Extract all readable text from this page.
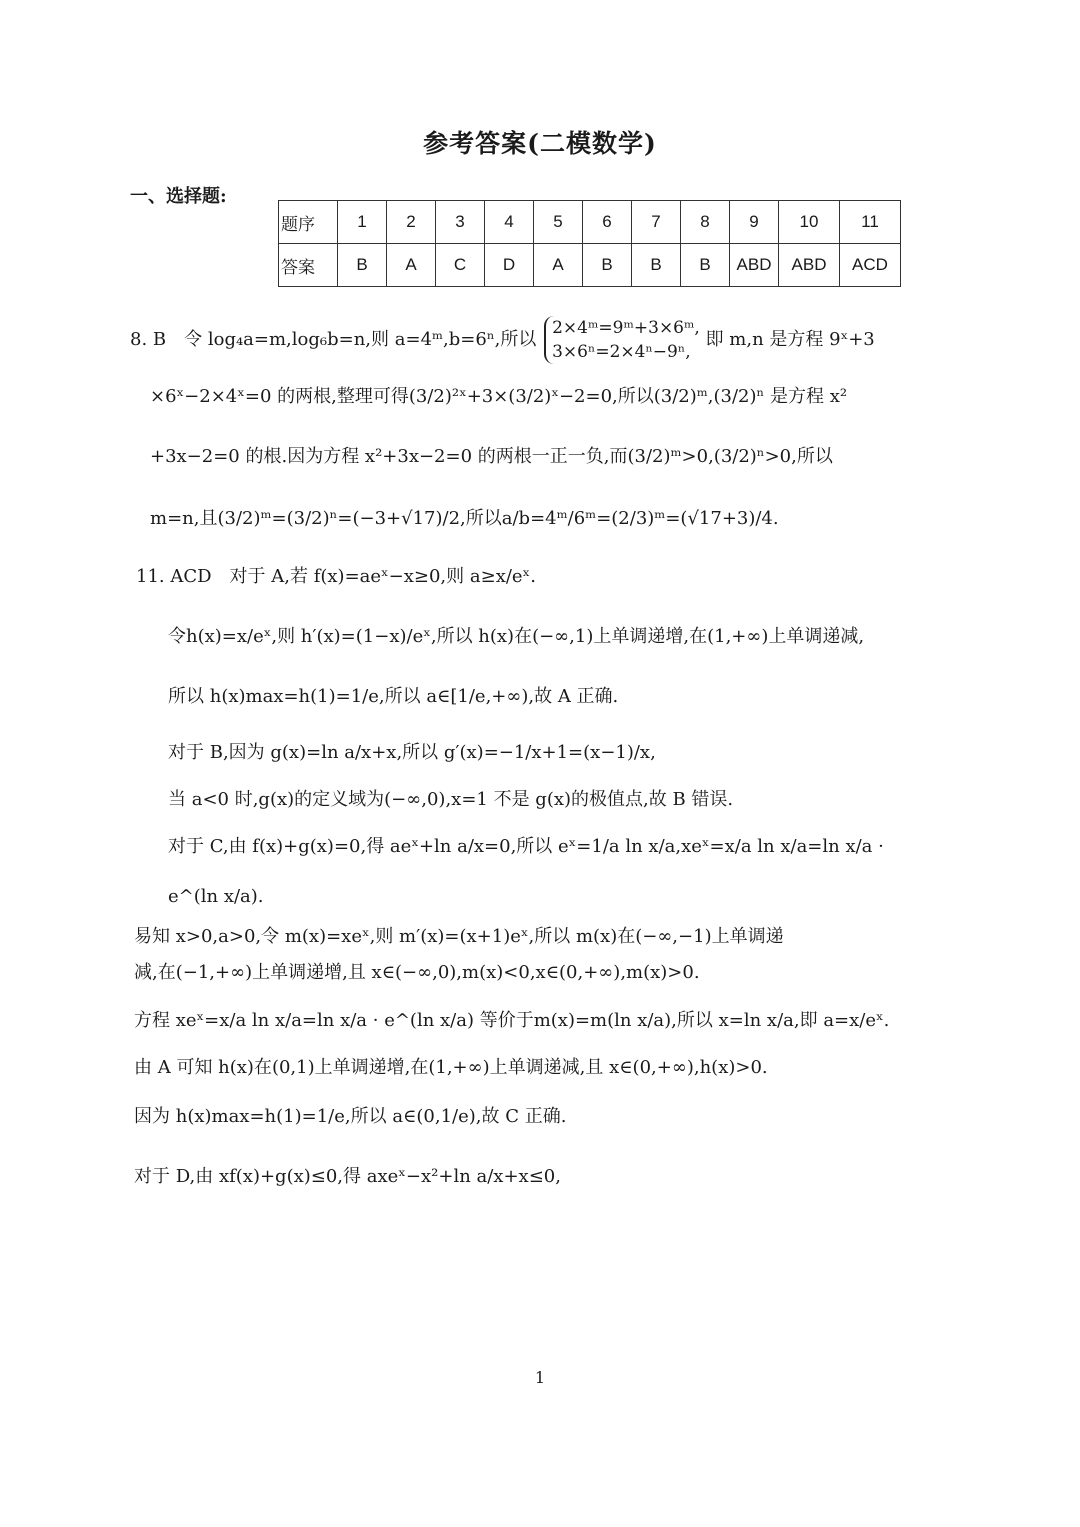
参考答案(二模数学)
一、选择题:
题序	1	2	3	4	5	6	7	8	9	10	11
答案	B	A	C	D	A	B	B	B	ABD	ABD	ACD
8. B　令 log₄a=m,log₆b=n,则 a=4ᵐ,b=6ⁿ,所以
2×4ᵐ=9ᵐ+3×6ᵐ,
3×6ⁿ=2×4ⁿ−9ⁿ,
即 m,n 是方程 9ˣ+3
×6ˣ−2×4ˣ=0 的两根,整理可得(3/2)²ˣ+3×(3/2)ˣ−2=0,所以(3/2)ᵐ,(3/2)ⁿ 是方程 x²
+3x−2=0 的根.因为方程 x²+3x−2=0 的两根一正一负,而(3/2)ᵐ>0,(3/2)ⁿ>0,所以
m=n,且(3/2)ᵐ=(3/2)ⁿ=(−3+√17)/2,所以a/b=4ᵐ/6ᵐ=(2/3)ᵐ=(√17+3)/4.
11. ACD　对于 A,若 f(x)=aeˣ−x≥0,则 a≥x/eˣ.
令h(x)=x/eˣ,则 h′(x)=(1−x)/eˣ,所以 h(x)在(−∞,1)上单调递增,在(1,+∞)上单调递减,
所以 h(x)max=h(1)=1/e,所以 a∈[1/e,+∞),故 A 正确.
对于 B,因为 g(x)=ln a/x+x,所以 g′(x)=−1/x+1=(x−1)/x,
当 a<0 时,g(x)的定义域为(−∞,0),x=1 不是 g(x)的极值点,故 B 错误.
对于 C,由 f(x)+g(x)=0,得 aeˣ+ln a/x=0,所以 eˣ=1/a ln x/a,xeˣ=x/a ln x/a=ln x/a ·
e^(ln x/a).
易知 x>0,a>0,令 m(x)=xeˣ,则 m′(x)=(x+1)eˣ,所以 m(x)在(−∞,−1)上单调递
减,在(−1,+∞)上单调递增,且 x∈(−∞,0),m(x)<0,x∈(0,+∞),m(x)>0.
方程 xeˣ=x/a ln x/a=ln x/a · e^(ln x/a) 等价于m(x)=m(ln x/a),所以 x=ln x/a,即 a=x/eˣ.
由 A 可知 h(x)在(0,1)上单调递增,在(1,+∞)上单调递减,且 x∈(0,+∞),h(x)>0.
因为 h(x)max=h(1)=1/e,所以 a∈(0,1/e),故 C 正确.
对于 D,由 xf(x)+g(x)≤0,得 axeˣ−x²+ln a/x+x≤0,
1
